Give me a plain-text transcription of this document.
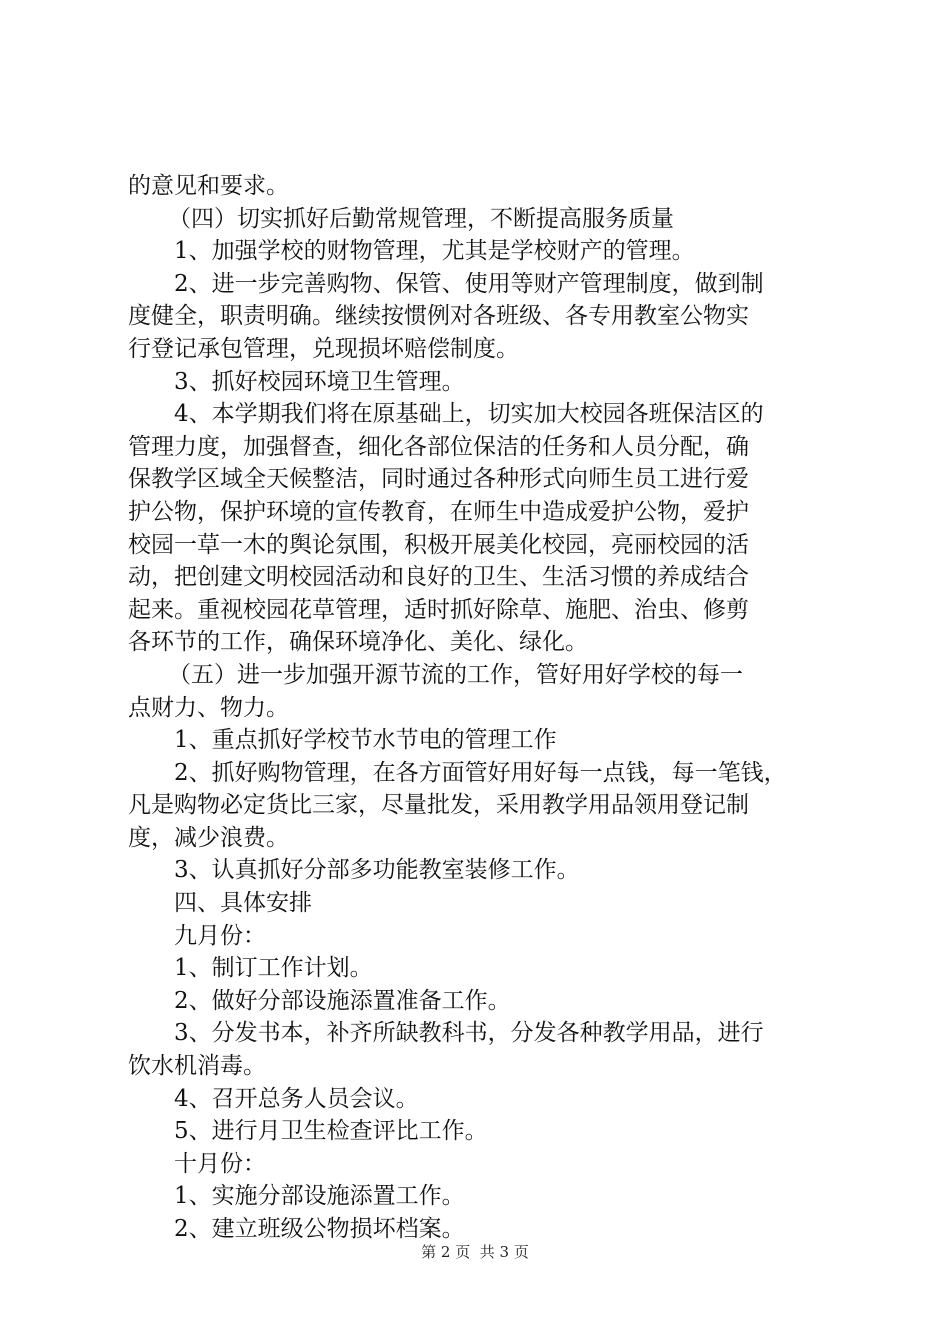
的意见和要求。
（四）切实抓好后勤常规管理，不断提高服务质量
1、加强学校的财物管理，尤其是学校财产的管理。
2、进一步完善购物、保管、使用等财产管理制度，做到制
度健全，职责明确。继续按惯例对各班级、各专用教室公物实
行登记承包管理，兑现损坏赔偿制度。
3、抓好校园环境卫生管理。
4、本学期我们将在原基础上，切实加大校园各班保洁区的
管理力度，加强督查，细化各部位保洁的任务和人员分配，确
保教学区域全天候整洁，同时通过各种形式向师生员工进行爱
护公物，保护环境的宣传教育，在师生中造成爱护公物，爱护
校园一草一木的舆论氛围，积极开展美化校园，亮丽校园的活
动，把创建文明校园活动和良好的卫生、生活习惯的养成结合
起来。重视校园花草管理，适时抓好除草、施肥、治虫、修剪
各环节的工作，确保环境净化、美化、绿化。
（五）进一步加强开源节流的工作，管好用好学校的每一
点财力、物力。
1、重点抓好学校节水节电的管理工作
2、抓好购物管理，在各方面管好用好每一点钱，每一笔钱，
凡是购物必定货比三家，尽量批发，采用教学用品领用登记制
度，减少浪费。
3、认真抓好分部多功能教室装修工作。
四、具体安排
九月份：
1、制订工作计划。
2、做好分部设施添置准备工作。
3、分发书本，补齐所缺教科书，分发各种教学用品，进行
饮水机消毒。
4、召开总务人员会议。
5、进行月卫生检查评比工作。
十月份：
1、实施分部设施添置工作。
2、建立班级公物损坏档案。
第 2 页  共 3 页
